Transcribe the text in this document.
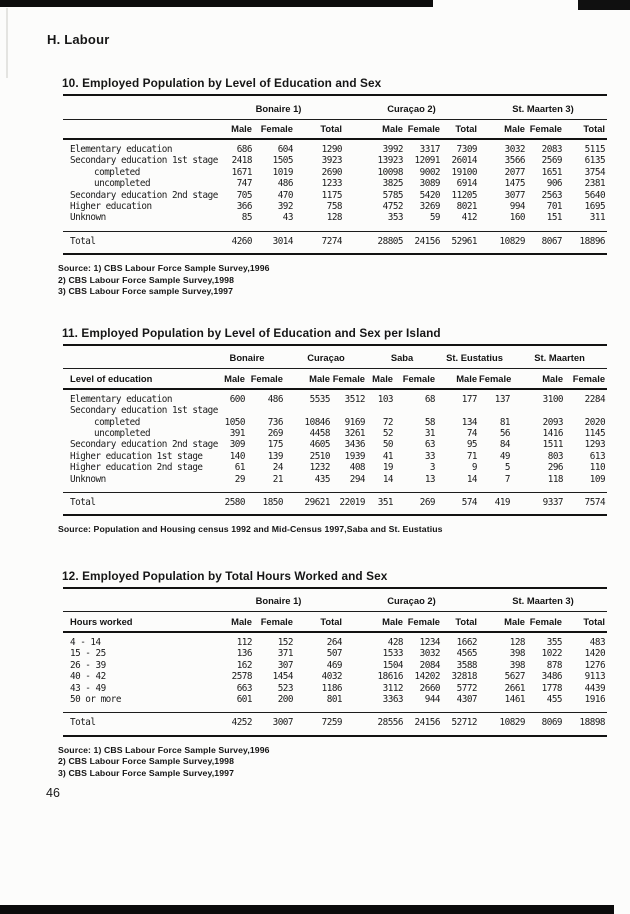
H. Labour
10. Employed Population by Level of Education and Sex
	Bonaire 1)			Curaçao 2)			St. Maarten 3)		
	Male	Female	Total	Male	Female	Total	Male	Female	Total
Elementary education	686	604	1290	3992	3317	7309	3032	2083	5115
Secondary education 1st stage	2418	1505	3923	13923	12091	26014	3566	2569	6135
completed	1671	1019	2690	10098	9002	19100	2077	1651	3754
uncompleted	747	486	1233	3825	3089	6914	1475	906	2381
Secondary education 2nd stage	705	470	1175	5785	5420	11205	3077	2563	5640
Higher education	366	392	758	4752	3269	8021	994	701	1695
Unknown	85	43	128	353	59	412	160	151	311
Total	4260	3014	7274	28805	24156	52961	10829	8067	18896
Source: 1) CBS Labour Force Sample Survey,1996
2) CBS Labour Force Sample Survey,1998
3) CBS Labour Force sample Survey,1997
11. Employed Population by Level of Education and Sex per Island
	Bonaire		Curaçao		Saba		St. Eustatius		St. Maarten	
Level of education	Male	Female	Male	Female	Male	Female	Male	Female	Male	Female
Elementary education	600	486	5535	3512	103	68	177	137	3100	2284
Secondary education 1st stage										
completed	1050	736	10846	9169	72	58	134	81	2093	2020
uncompleted	391	269	4458	3261	52	31	74	56	1416	1145
Secondary education 2nd stage	309	175	4605	3436	50	63	95	84	1511	1293
Higher education 1st stage	140	139	2510	1939	41	33	71	49	803	613
Higher education 2nd stage	61	24	1232	408	19	3	9	5	296	110
Unknown	29	21	435	294	14	13	14	7	118	109
Total	2580	1850	29621	22019	351	269	574	419	9337	7574
Source: Population and Housing census 1992 and Mid-Census 1997,Saba and St. Eustatius
12. Employed Population by Total Hours Worked and Sex
	Bonaire 1)			Curaçao 2)			St. Maarten 3)		
Hours worked	Male	Female	Total	Male	Female	Total	Male	Female	Total
4 - 14	112	152	264	428	1234	1662	128	355	483
15 - 25	136	371	507	1533	3032	4565	398	1022	1420
26 - 39	162	307	469	1504	2084	3588	398	878	1276
40 - 42	2578	1454	4032	18616	14202	32818	5627	3486	9113
43 - 49	663	523	1186	3112	2660	5772	2661	1778	4439
50 or more	601	200	801	3363	944	4307	1461	455	1916
Total	4252	3007	7259	28556	24156	52712	10829	8069	18898
Source: 1) CBS Labour Force Sample Survey,1996
2) CBS Labour Force Sample Survey,1998
3) CBS Labour Force Sample Survey,1997
46
